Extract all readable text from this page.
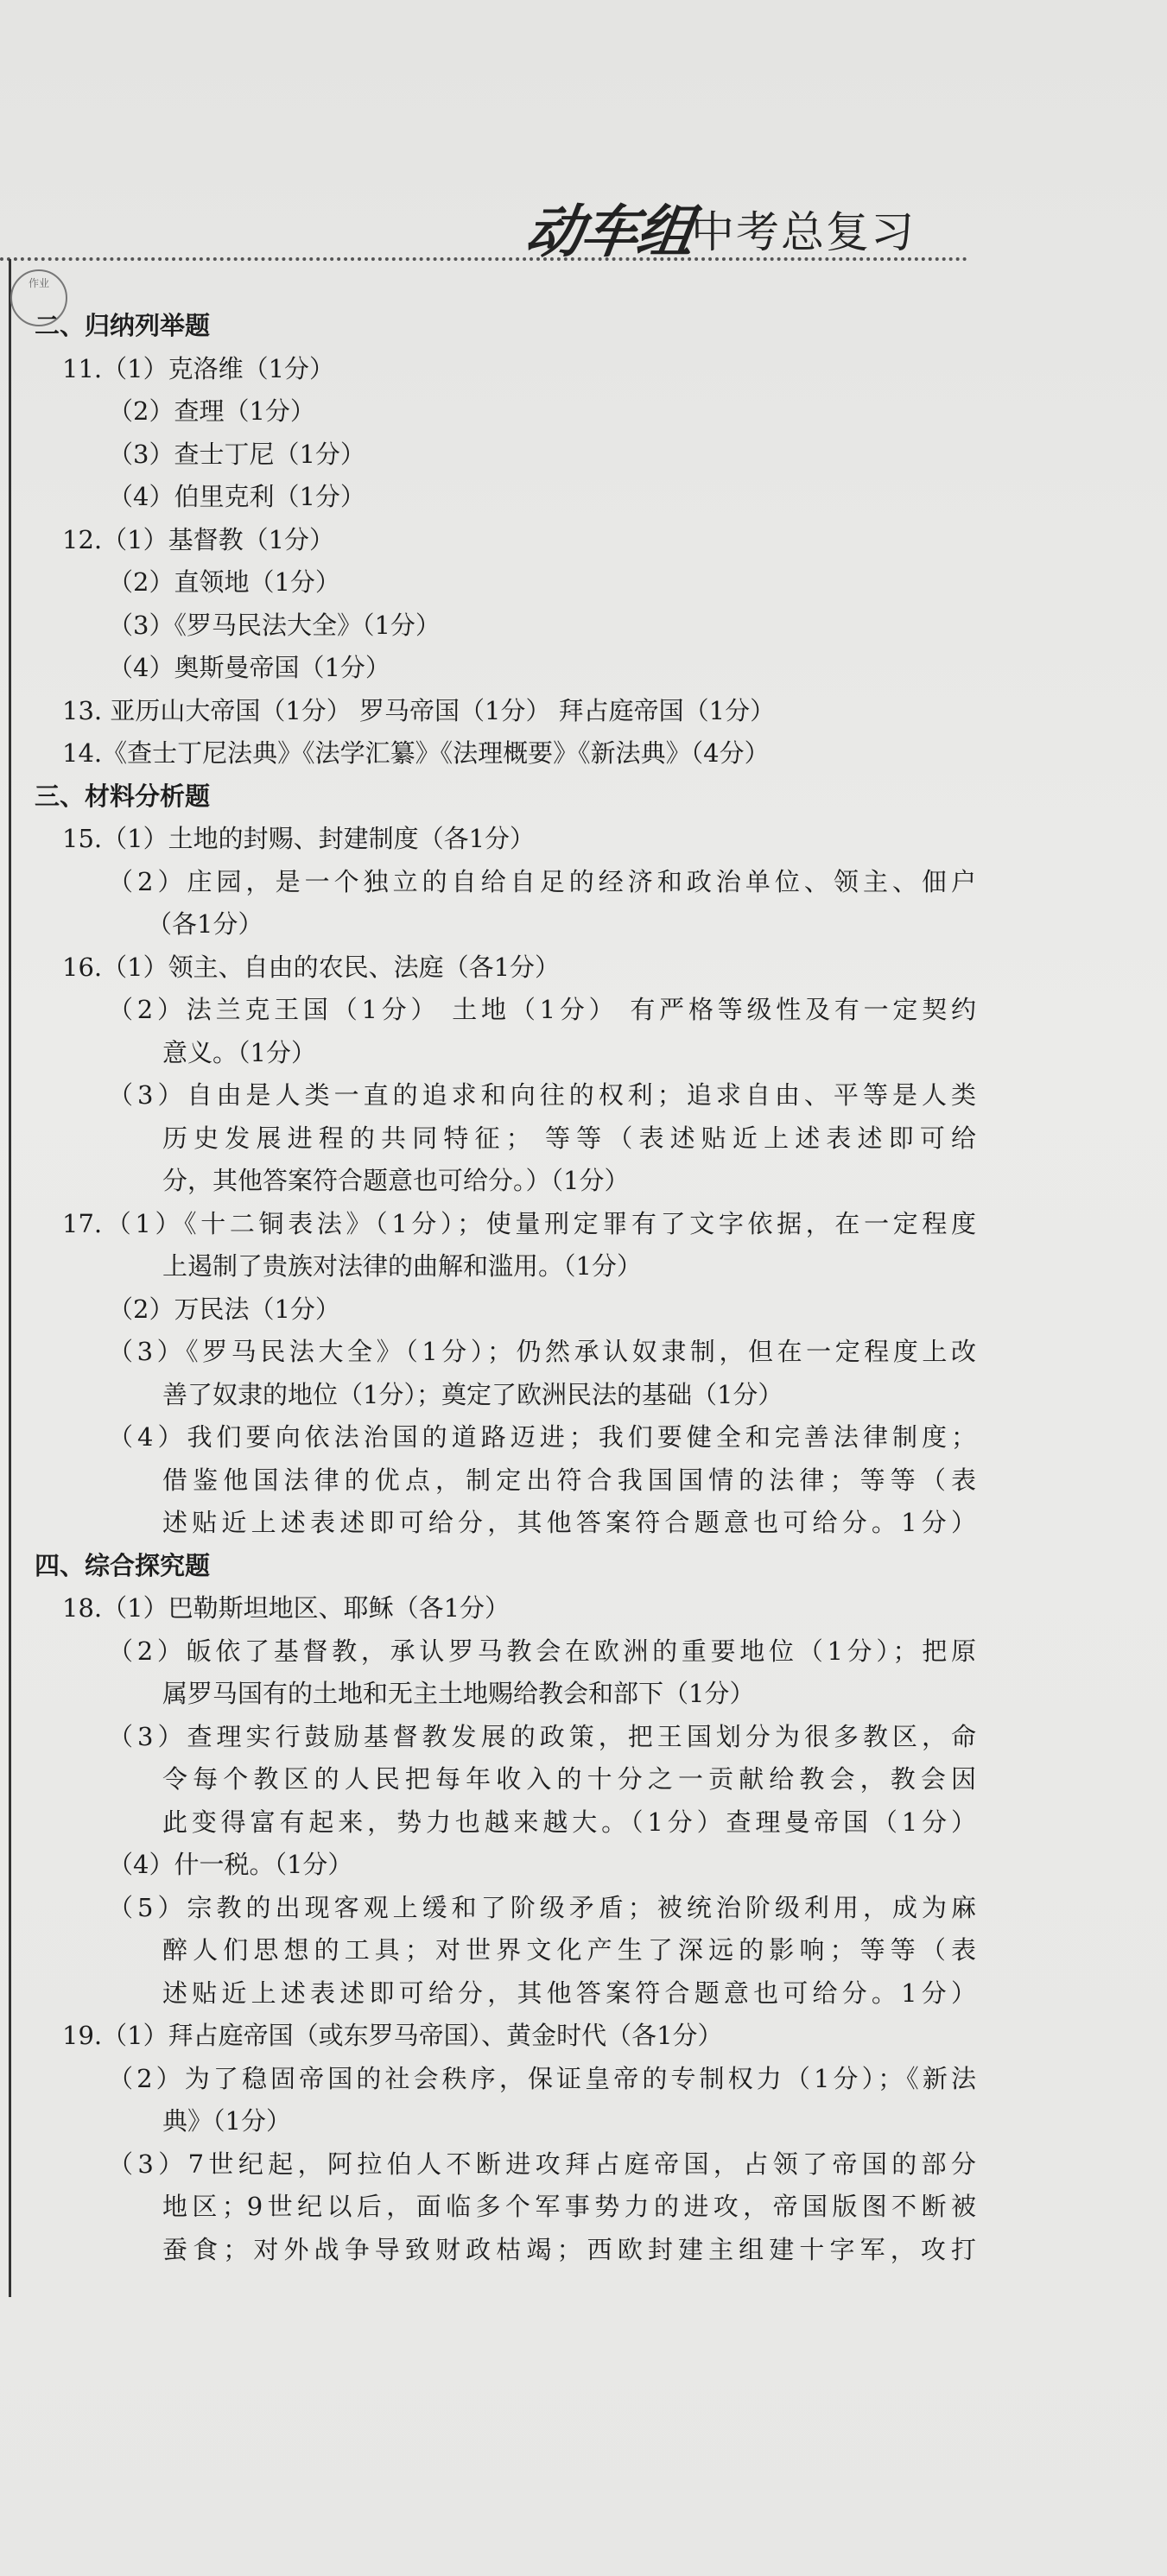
动车组
中考总复习
作业
二、归纳列举题
11.（1）克洛维（1分）
（2）查理（1分）
（3）查士丁尼（1分）
（4）伯里克利（1分）
12.（1）基督教（1分）
（2）直领地（1分）
（3）《罗马民法大全》（1分）
（4）奥斯曼帝国（1分）
13. 亚历山大帝国（1分） 罗马帝国（1分） 拜占庭帝国（1分）
14.《查士丁尼法典》《法学汇纂》《法理概要》《新法典》（4分）
三、材料分析题
15.（1）土地的封赐、封建制度（各1分）
（2）庄园，是一个独立的自给自足的经济和政治单位、领主、佃户
（各1分）
16.（1）领主、自由的农民、法庭（各1分）
（2）法兰克王国（1分） 土地（1分） 有严格等级性及有一定契约
意义。（1分）
（3）自由是人类一直的追求和向往的权利；追求自由、平等是人类
历史发展进程的共同特征； 等等（表述贴近上述表述即可给
分，其他答案符合题意也可给分。）（1分）
17.（1）《十二铜表法》（1分）；使量刑定罪有了文字依据，在一定程度
上遏制了贵族对法律的曲解和滥用。（1分）
（2）万民法（1分）
（3）《罗马民法大全》（1分）；仍然承认奴隶制，但在一定程度上改
善了奴隶的地位（1分）；奠定了欧洲民法的基础（1分）
（4）我们要向依法治国的道路迈进；我们要健全和完善法律制度；
借鉴他国法律的优点，制定出符合我国国情的法律；等等（表
述贴近上述表述即可给分，其他答案符合题意也可给分。1分）
四、综合探究题
18.（1）巴勒斯坦地区、耶稣（各1分）
（2）皈依了基督教，承认罗马教会在欧洲的重要地位（1分）；把原
属罗马国有的土地和无主土地赐给教会和部下（1分）
（3）查理实行鼓励基督教发展的政策，把王国划分为很多教区，命
令每个教区的人民把每年收入的十分之一贡献给教会，教会因
此变得富有起来，势力也越来越大。（1分）查理曼帝国（1分）
（4）什一税。（1分）
（5）宗教的出现客观上缓和了阶级矛盾；被统治阶级利用，成为麻
醉人们思想的工具；对世界文化产生了深远的影响；等等（表
述贴近上述表述即可给分，其他答案符合题意也可给分。1分）
19.（1）拜占庭帝国（或东罗马帝国）、黄金时代（各1分）
（2）为了稳固帝国的社会秩序，保证皇帝的专制权力（1分）；《新法
典》（1分）
（3）7世纪起，阿拉伯人不断进攻拜占庭帝国，占领了帝国的部分
地区；9世纪以后，面临多个军事势力的进攻，帝国版图不断被
蚕食；对外战争导致财政枯竭；西欧封建主组建十字军，攻打
